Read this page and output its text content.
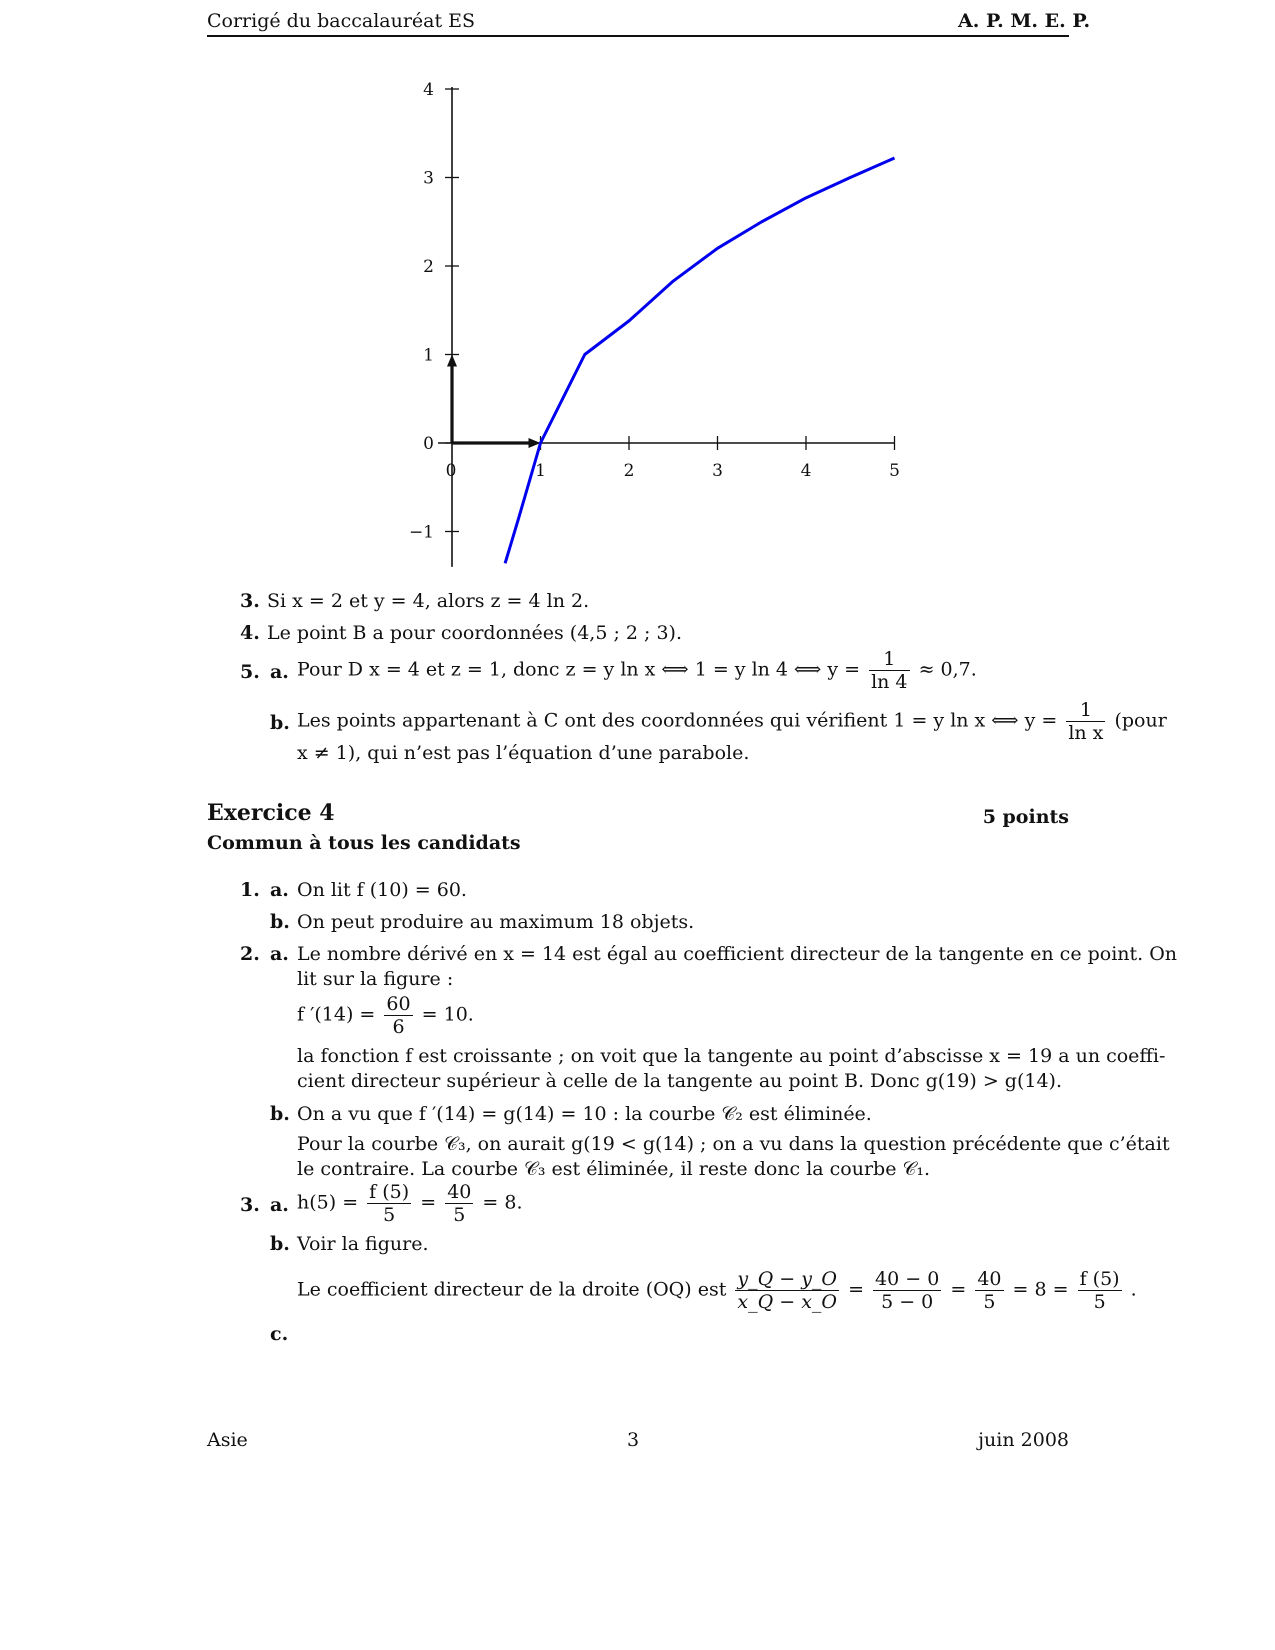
Corrigé du baccalauréat ES	A. P. M. E. P.
0	1	2	3	4	5
−1
0
1
2
3
4
3. Si x = 2 et y = 4, alors z = 4 ln 2.
4. Le point B a pour coordonnées (4,5 ; 2 ; 3).
5. a. Pour D x = 4 et z = 1, donc z = y ln x ⟺ 1 = y ln 4 ⟺ $y = \frac{1}{\ln 4} \approx 0,7$.
b. Les points appartenant à C ont des coordonnées qui vérifient 1 = y ln x ⟺ $y = \frac{1}{\text{ln x}}$ (pour
x ≠ 1), qui n’est pas l’équation d’une parabole.
Exercice 4	5 points
Commun à tous les candidats
1. a. On lit f (10) = 60.
b. On peut produire au maximum 18 objets.
2. a. Le nombre dérivé en x = 14 est égal au coefficient directeur de la tangente en ce point. On
lit sur la figure :
f $'(14) = \frac{60}{6} = 10$.
la fonction f est croissante ; on voit que la tangente au point d’abscisse x = 19 a un coeffi-
cient directeur supérieur à celle de la tangente au point B. Donc g(19) > g(14).
b. On a vu que f ′(14) = g(14) = 10 : la courbe 𝒞₂ est éliminée.
Pour la courbe 𝒞₃, on aurait g(19 < g(14) ; on a vu dans la question précédente que c’était
le contraire. La courbe 𝒞₃ est éliminée, il reste donc la courbe 𝒞₁.
3. a. $h(5) = \frac{f (5)}{5} = \frac{40}{5} = 8$.
b. Voir la figure.
Le coefficient directeur de la droite (OQ) est $\frac{y\_Q - y\_O}{x\_Q - x\_O} = \frac{40 - 0}{5 - 0} = \frac{40}{5} = 8 = \frac{f (5)}{5}$ .
c.
Asie	3	juin 2008
